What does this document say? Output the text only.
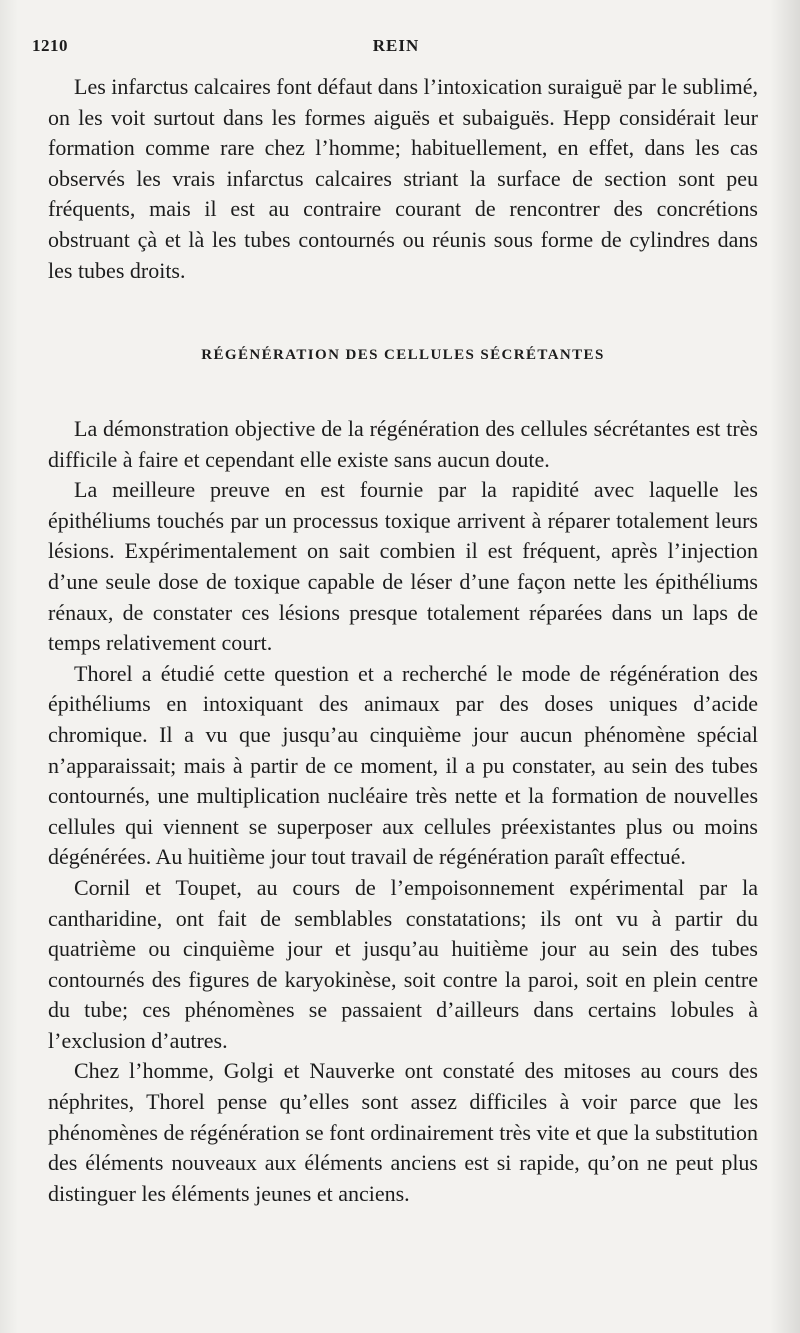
1210	REIN

Les infarctus calcaires font défaut dans l’intoxication suraiguë par le sublimé, on les voit surtout dans les formes aiguës et subaiguës. Hepp considérait leur formation comme rare chez l’homme; habituellement, en effet, dans les cas observés les vrais infarctus calcaires striant la surface de section sont peu fréquents, mais il est au contraire courant de rencontrer des concrétions obstruant çà et là les tubes contournés ou réunis sous forme de cylindres dans les tubes droits.

RÉGÉNÉRATION DES CELLULES SÉCRÉTANTES

La démonstration objective de la régénération des cellules sécrétantes est très difficile à faire et cependant elle existe sans aucun doute.

La meilleure preuve en est fournie par la rapidité avec laquelle les épithéliums touchés par un processus toxique arrivent à réparer totalement leurs lésions. Expérimentalement on sait combien il est fréquent, après l’injection d’une seule dose de toxique capable de léser d’une façon nette les épithéliums rénaux, de constater ces lésions presque totalement réparées dans un laps de temps relativement court.

Thorel a étudié cette question et a recherché le mode de régénération des épithéliums en intoxiquant des animaux par des doses uniques d’acide chromique. Il a vu que jusqu’au cinquième jour aucun phénomène spécial n’apparaissait; mais à partir de ce moment, il a pu constater, au sein des tubes contournés, une multiplication nucléaire très nette et la formation de nouvelles cellules qui viennent se superposer aux cellules préexistantes plus ou moins dégénérées. Au huitième jour tout travail de régénération paraît effectué.

Cornil et Toupet, au cours de l’empoisonnement expérimental par la cantharidine, ont fait de semblables constatations; ils ont vu à partir du quatrième ou cinquième jour et jusqu’au huitième jour au sein des tubes contournés des figures de karyokinèse, soit contre la paroi, soit en plein centre du tube; ces phénomènes se passaient d’ailleurs dans certains lobules à l’exclusion d’autres.

Chez l’homme, Golgi et Nauverke ont constaté des mitoses au cours des néphrites, Thorel pense qu’elles sont assez difficiles à voir parce que les phénomènes de régénération se font ordinairement très vite et que la substitution des éléments nouveaux aux éléments anciens est si rapide, qu’on ne peut plus distinguer les éléments jeunes et anciens.
